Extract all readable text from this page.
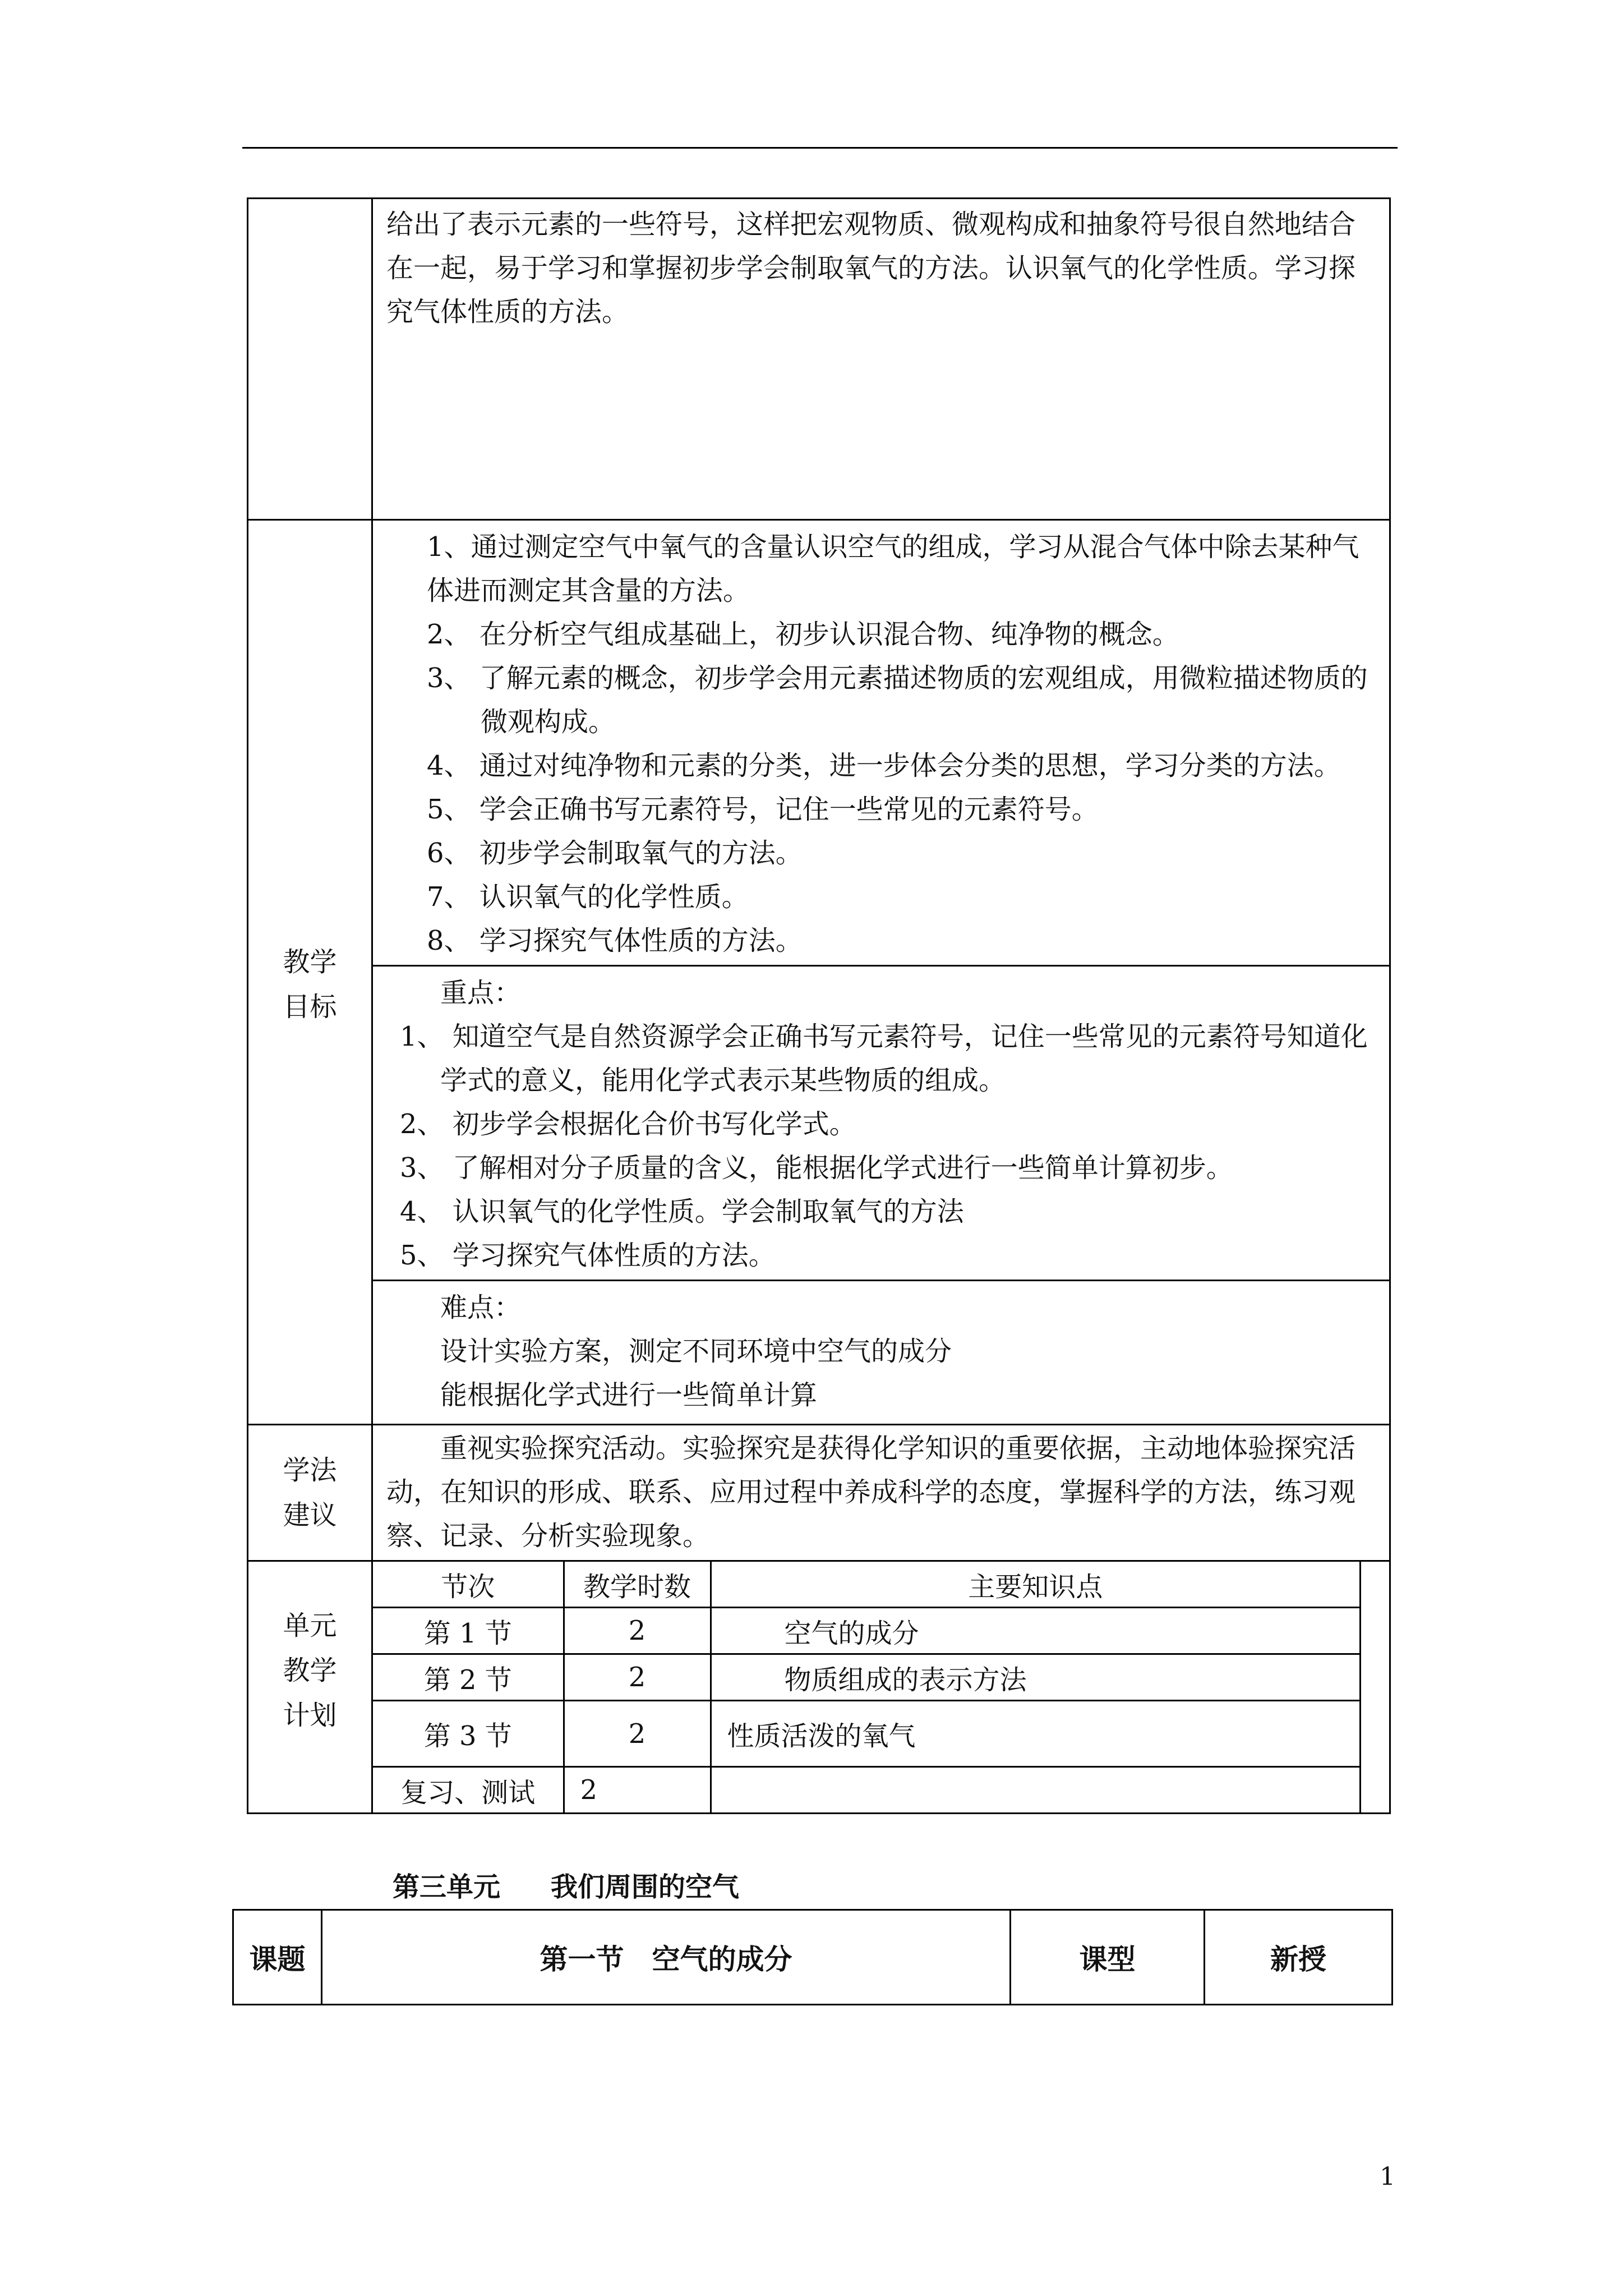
给出了表示元素的一些符号，这样把宏观物质、微观构成和抽象符号很自然地结合在一起，易于学习和掌握初步学会制取氧气的方法。认识氧气的化学性质。学习探究气体性质的方法。

教学目标	

1、通过测定空气中氧气的含量认识空气的组成，学习从混合气体中除去某种气体进而测定其含量的方法。

2、 在分析空气组成基础上，初步认识混合物、纯净物的概念。

3、 了解元素的概念，初步学会用元素描述物质的宏观组成，用微粒描述物质的微观构成。

4、 通过对纯净物和元素的分类，进一步体会分类的思想，学习分类的方法。

5、 学会正确书写元素符号，记住一些常见的元素符号。

6、 初步学会制取氧气的方法。

7、 认识氧气的化学性质。

8、 学习探究气体性质的方法。

重点：

1、 知道空气是自然资源学会正确书写元素符号，记住一些常见的元素符号知道化学式的意义，能用化学式表示某些物质的组成。

2、 初步学会根据化合价书写化学式。

3、 了解相对分子质量的含义，能根据化学式进行一些简单计算初步。

4、 认识氧气的化学性质。学会制取氧气的方法

5、 学习探究气体性质的方法。

难点：

设计实验方案，测定不同环境中空气的成分

能根据化学式进行一些简单计算

学法建议	

重视实验探究活动。实验探究是获得化学知识的重要依据，主动地体验探究活动，在知识的形成、联系、应用过程中养成科学的态度，掌握科学的方法，练习观察、记录、分析实验现象。

单元教学计划	
节次	教学时数	主要知识点
第 1 节	2	空气的成分
第 2 节	2	物质组成的表示方法
第 3 节	2	性质活泼的氧气
复习、测试	2	
第三单元 我们周围的空气
课题	第一节　空气的成分	课型	新授
1
